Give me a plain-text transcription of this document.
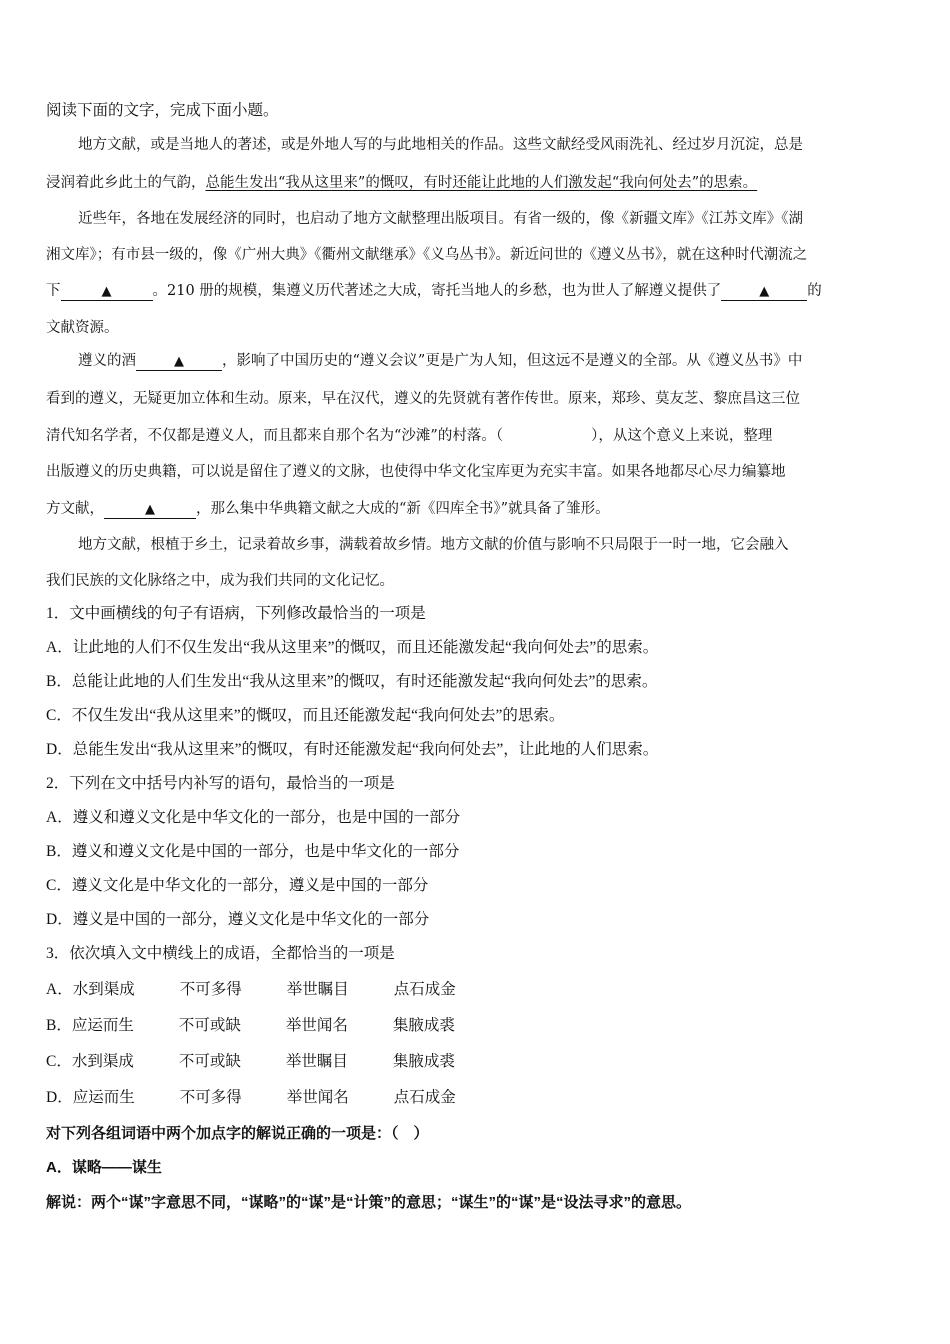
阅读下面的文字，完成下面小题。
地方文献，或是当地人的著述，或是外地人写的与此地相关的作品。这些文献经受风雨洗礼、经过岁月沉淀，总是
浸润着此乡此土的气韵，总能生发出“我从这里来”的慨叹，有时还能让此地的人们激发起“我向何处去”的思索。
近些年，各地在发展经济的同时，也启动了地方文献整理出版项目。有省一级的，像《新疆文库》《江苏文库》《湖
湘文库》；有市县一级的，像《广州大典》《衢州文献继承》《义乌丛书》。新近问世的《遵义丛书》，就在这种时代潮流之
下	▲	。210 册的规模，集遵义历代著述之大成，寄托当地人的乡愁，也为世人了解遵义提供了	▲	的
文献资源。
遵义的酒	▲	，影响了中国历史的“遵义会议”更是广为人知，但这远不是遵义的全部。从《遵义丛书》中
看到的遵义，无疑更加立体和生动。原来，早在汉代，遵义的先贤就有著作传世。原来，郑珍、莫友芝、黎庶昌这三位
清代知名学者，不仅都是遵义人，而且都来自那个名为“沙滩”的村落。（	），从这个意义上来说，整理
出版遵义的历史典籍，可以说是留住了遵义的文脉，也使得中华文化宝库更为充实丰富。如果各地都尽心尽力编纂地
方文献，	▲	，那么集中华典籍文献之大成的“新《四库全书》”就具备了雏形。
地方文献，根植于乡土，记录着故乡事，满载着故乡情。地方文献的价值与影响不只局限于一时一地，它会融入
我们民族的文化脉络之中，成为我们共同的文化记忆。
1．文中画横线的句子有语病，下列修改最恰当的一项是
A．让此地的人们不仅生发出“我从这里来”的慨叹，而且还能激发起“我向何处去”的思索。
B．总能让此地的人们生发出“我从这里来”的慨叹，有时还能激发起“我向何处去”的思索。
C．不仅生发出“我从这里来”的慨叹，而且还能激发起“我向何处去”的思索。
D．总能生发出“我从这里来”的慨叹，有时还能激发起“我向何处去”，让此地的人们思索。
2．下列在文中括号内补写的语句，最恰当的一项是
A．遵义和遵义文化是中华文化的一部分，也是中国的一部分
B．遵义和遵义文化是中国的一部分，也是中华文化的一部分
C．遵义文化是中华文化的一部分，遵义是中国的一部分
D．遵义是中国的一部分，遵义文化是中华文化的一部分
3．依次填入文中横线上的成语，全都恰当的一项是
A．水到渠成	不可多得	举世瞩目	点石成金
B．应运而生	不可或缺	举世闻名	集腋成裘
C．水到渠成	不可或缺	举世瞩目	集腋成裘
D．应运而生	不可多得	举世闻名	点石成金
对下列各组词语中两个加点字的解说正确的一项是：（　）
A．谋略——谋生
解说：两个“谋”字意思不同，“谋略”的“谋”是“计策”的意思；“谋生”的“谋”是“设法寻求”的意思。
